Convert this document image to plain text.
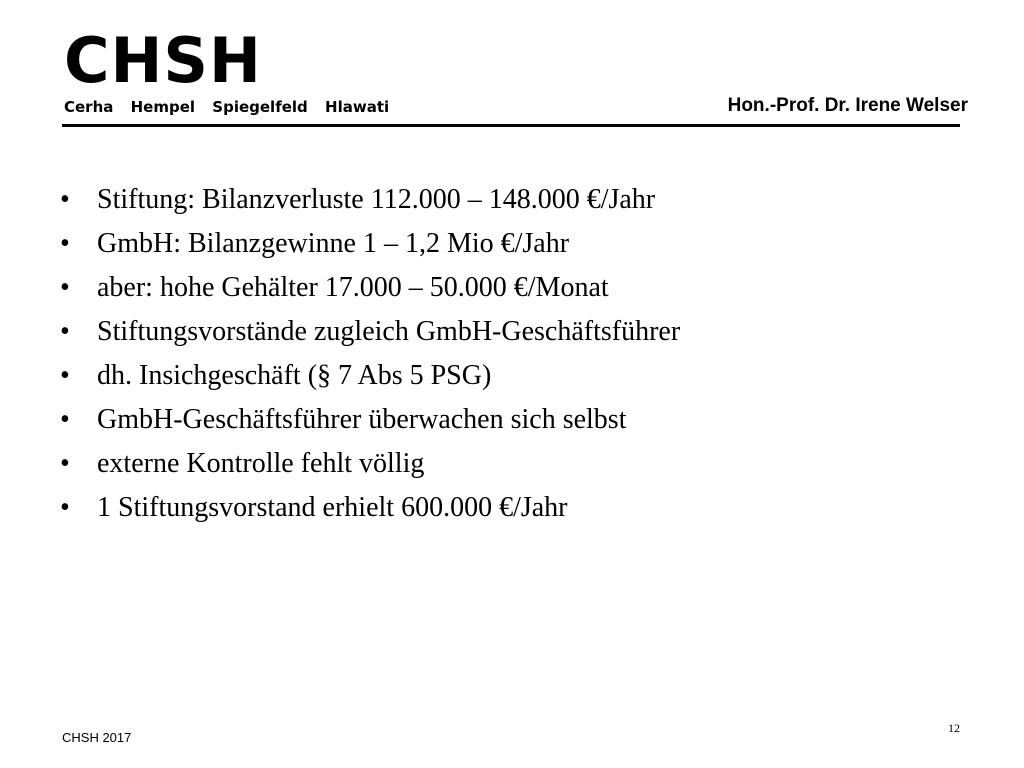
CHSH
Cerha Hempel Spiegelfeld Hlawati	Hon.-Prof. Dr. Irene Welser
• Stiftung: Bilanzverluste 112.000 – 148.000 €/Jahr
• GmbH: Bilanzgewinne 1 – 1,2 Mio €/Jahr
• aber: hohe Gehälter 17.000 – 50.000 €/Monat
• Stiftungsvorstände zugleich GmbH-Geschäftsführer
• dh. Insichgeschäft (§ 7 Abs 5 PSG)
• GmbH-Geschäftsführer überwachen sich selbst
• externe Kontrolle fehlt völlig
• 1 Stiftungsvorstand erhielt 600.000 €/Jahr
CHSH 2017
12
